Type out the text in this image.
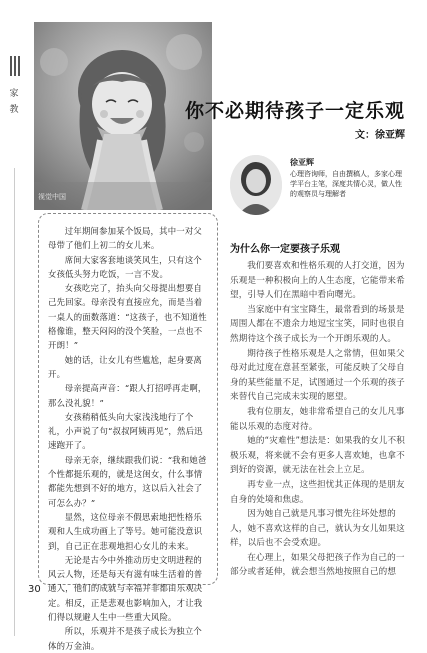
家教
视觉中国
你不必期待孩子一定乐观
文：徐亚辉
徐亚辉
心理咨询师，自由撰稿人，多家心理学平台主笔，深度共情心灵，做人性的观察员与理解者

过年期间参加某个饭局，其中一对父母带了他们上初二的女儿来。

席间大家客套地谈笑风生，只有这个女孩低头努力吃饭，一言不发。

女孩吃完了，抬头向父母提出想要自己先回家。母亲没有直接应允，而是当着一桌人的面数落道：“这孩子，也不知道性格像谁，整天闷闷的没个笑脸，一点也不开朗！”

她的话，让女儿有些尴尬，起身要离开。

母亲提高声音：“跟人打招呼再走啊，那么没礼貌！”

女孩稍稍低头向大家浅浅地行了个礼，小声说了句“叔叔阿姨再见”，然后迅速跑开了。

母亲无奈，继续跟我们说：“我和她爸个性都挺乐观的，就是这闺女，什么事情都能先想到不好的地方，这以后入社会了可怎么办？”

显然，这位母亲不假思索地把性格乐观和人生成功画上了等号。她可能没意识到，自己正在悲观地担心女儿的未来。

无论是古今中外推动历史文明进程的风云人物，还是每天有滋有味生活着的普通人，他们的成就与幸福并非都由乐观决定。相反，正是悲观也影响加入，才让我们得以规避人生中一些重大风险。

所以，乐观并不是孩子成长为独立个体的万金油。

为什么你一定要孩子乐观

我们要喜欢和性格乐观的人打交道，因为乐观是一种积极向上的人生态度，它能带来希望，引导人们在黑暗中看向曙光。

当家庭中有宝宝降生，最常看到的场景是周围人都在不遗余力地逗宝宝笑，同时也很自然期待这个孩子成长为一个开朗乐观的人。

期待孩子性格乐观是人之常情，但如果父母对此过度在意甚至紧张，可能反映了父母自身的某些能量不足，试图通过一个乐观的孩子来替代自己完成未实现的愿望。

我有位朋友，她非常希望自己的女儿凡事能以乐观的态度对待。

她的“灾难性”想法是：如果我的女儿不积极乐观，将来就不会有更多人喜欢她，也拿不到好的资源，就无法在社会上立足。

再专业一点，这些担忧其正体现的是朋友自身的处境和焦虑。

因为她自己就是凡事习惯先往坏处想的人，她不喜欢这样的自己，就认为女儿如果这样，以后也不会受欢迎。

在心理上，如果父母把孩子作为自己的一部分或者延伸，就会想当然地按照自己的想

30
